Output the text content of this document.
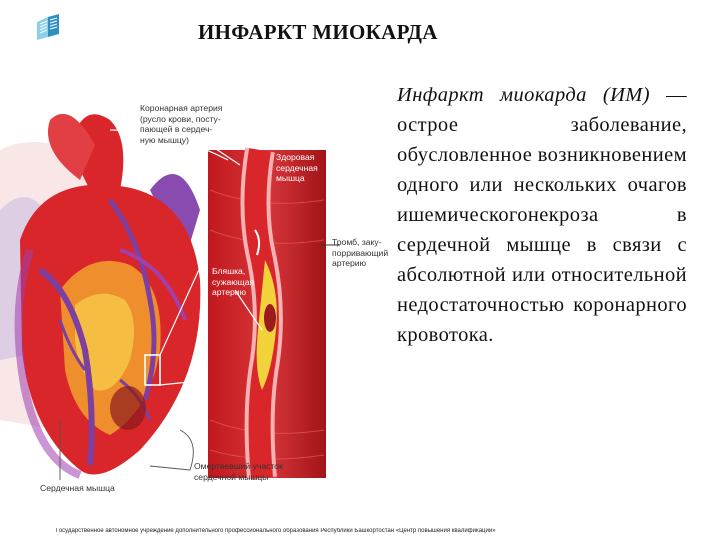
ИНФАРКТ МИОКАРДА
Коронарная артерия
(русло крови, посту-
пающей в сердеч-
ную мышцу)
Здоровая
сердечная
мышца
Тромб, заку-
порривающий
артерию
Бляшка,
сужающая
артерию
Омертвевший участок
сердечной мышцы
Сердечная мышца
Инфаркт миокарда (ИМ) — острое заболевание, обусловленное возникновением одного или нескольких очагов ишемическогонекроза в сердечной мышце в связи с абсолютной или относительной недостаточностью коронарного кровотока.
Государственное автономное учреждение дополнительного профессионального образования Республики Башкортостан «Центр повышения квалификации»
